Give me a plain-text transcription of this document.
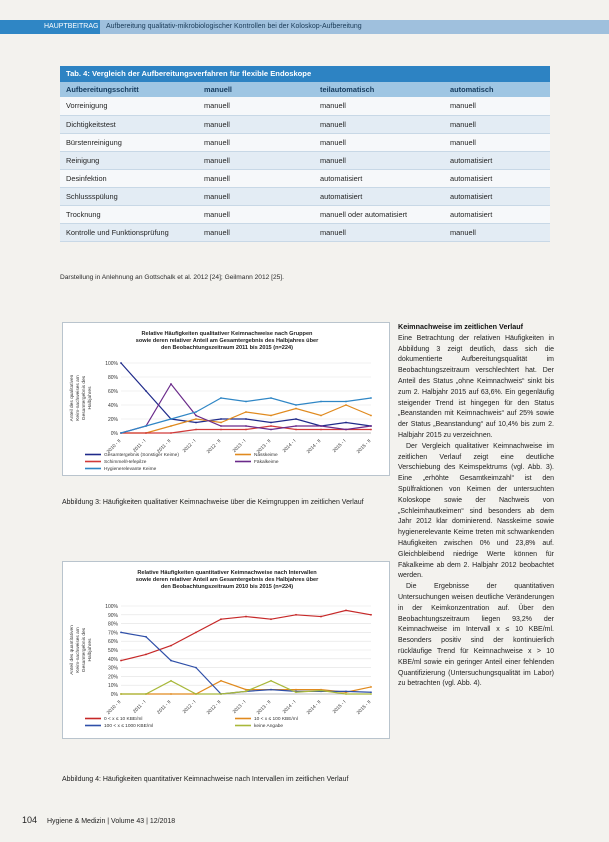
HAUPTBEITRAG Aufbereitung qualitativ-mikrobiologischer Kontrollen bei der Koloskop-Aufbereitung
Tab. 4: Vergleich der Aufbereitungsverfahren für flexible Endoskope
Aufbereitungsschritt	manuell	teilautomatisch	automatisch
Vorreinigung	manuell	manuell	manuell
Dichtigkeitstest	manuell	manuell	manuell
Bürstenreinigung	manuell	manuell	manuell
Reinigung	manuell	manuell	automatisiert
Desinfektion	manuell	automatisiert	automatisiert
Schlussspülung	manuell	automatisiert	automatisiert
Trocknung	manuell	manuell oder automatisiert	automatisiert
Kontrolle und Funktionsprüfung	manuell	manuell	manuell
Darstellung in Anlehnung an Gottschalk et al. 2012 [24]; Geilmann 2012 [25].
Relative Häufigkeiten qualitativer Keimnachweise nach Gruppen
sowie deren relativer Anteil am Gesamtergebnis des Halbjahres über
den Beobachtungszeitraum 2011 bis 2015 (n=224)
0%
20%
40%
60%
80%
100%
2010 - II 2011 - I 2011 - II 2012 - I 2012 - II 2013 - I 2013 - II 2014 - I 2014 - II 2015 - I 2015 - II
Anteil des qualitativen Keim-nachweises am Gesamtergebnis des Halbjahres
Gesamtergebnis (Sonstiger Keime)	Nasskeime
Schimmel/Hefepilze	Fäkalkeime
Hygienerelevante Keime
Abbildung 3: Häufigkeiten qualitativer Keimnachweise über die Keimgruppen im zeitlichen Verlauf
Relative Häufigkeiten quantitativer Keimnachweise nach Intervallen
sowie deren relativer Anteil am Gesamtergebnis des Halbjahres über
den Beobachtungszeitraum 2010 bis 2015 (n=224)
0%
10%
20%
30%
40%
50%
60%
70%
80%
90%
100%
2010 - II 2011 - I 2011 - II 2012 - I 2012 - II 2013 - I 2013 - II 2014 - I 2014 - II 2015 - I 2015 - II
Anteil des quantitativen Keim-nachweises am Gesamtergebnis des Halbjahres
0 < x ≤ 10 KBE/ml	10 < x ≤ 100 KBE/ml
100 < x ≤ 1000 KBE/ml	keine Angabe
Abbildung 4: Häufigkeiten quantitativer Keimnachweise nach Intervallen im zeitlichen Verlauf
Keimnachweise im zeitlichen Verlauf

Eine Betrachtung der relativen Häufigkeiten in Abbildung 3 zeigt deutlich, dass sich die dokumentierte Aufbereitungsqualität im Beobachtungszeitraum verschlechtert hat. Der Anteil des Status „ohne Keimnachweis“ sinkt bis zum 2. Halbjahr 2015 auf 63,6%. Ein gegenläufig steigender Trend ist hingegen für den Status „Beanstanden mit Keimnachweis“ auf 25% sowie der Status „Beanstandung“ auf 10,4% bis zum 2. Halbjahr 2015 zu verzeichnen.

Der Vergleich qualitativer Keimnachweise im zeitlichen Verlauf zeigt eine deutliche Verschiebung des Keimspektrums (vgl. Abb. 3). Eine „erhöhte Gesamtkeimzahl“ ist den Spülfraktionen von Keimen der untersuchten Koloskope sowie der Nachweis von „Schleimhautkeimen“ sind besonders ab dem Jahr 2012 klar dominierend. Nasskeime sowie hygienerelevante Keime treten mit schwankenden Häufigkeiten zwischen 0% und 23,8% auf. Gleichbleibend niedrige Werte können für Fäkalkeime ab dem 2. Halbjahr 2012 beobachtet werden.

Die Ergebnisse der quantitativen Untersuchungen weisen deutliche Veränderungen in der Keimkonzentration auf. Über den Beobachtungszeitraum liegen 93,2% der Keimnachweise im Intervall x ≤ 10 KBE/ml. Besonders positiv sind der kontinuierlich rückläufige Trend für Keimnachweise x > 10 KBE/ml sowie ein geringer Anteil einer fehlenden Quantifizierung (Untersuchungsqualität im Labor) zu betrachten (vgl. Abb. 4).

104 Hygiene & Medizin | Volume 43 | 12/2018
